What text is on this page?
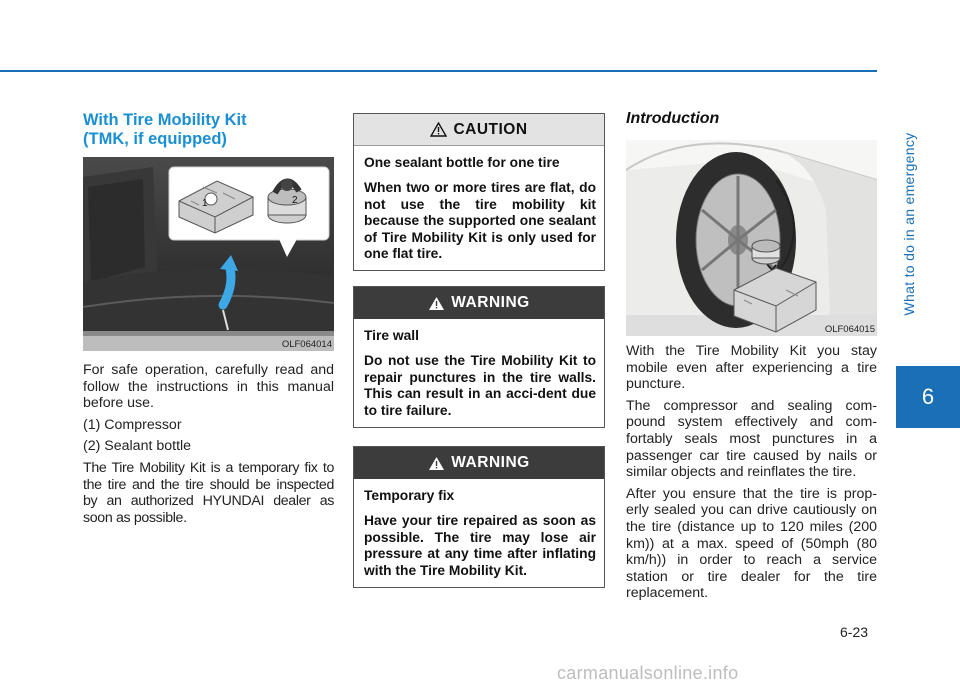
What to do in an emergency
6
With Tire Mobility Kit
(TMK, if equipped)
1	2
OLF064014

For safe operation, carefully read and follow the instructions in this manual before use.

(1) Compressor

(2) Sealant bottle

The Tire Mobility Kit is a temporary fix to the tire and the tire should be inspected by an authorized HYUNDAI dealer as soon as possible.

CAUTION

One sealant bottle for one tire

When two or more tires are flat, do not use the tire mobility kit because the supported one sealant of Tire Mobility Kit is only used for one flat tire.

WARNING

Tire wall

Do not use the Tire Mobility Kit to repair punctures in the tire walls. This can result in an acci-dent due to tire failure.

WARNING

Temporary fix

Have your tire repaired as soon as possible. The tire may lose air pressure at any time after inflating with the Tire Mobility Kit.

Introduction
OLF064015

With the Tire Mobility Kit you stay mobile even after experiencing a tire puncture.

The compressor and sealing com-pound system effectively and com-fortably seals most punctures in a passenger car tire caused by nails or similar objects and reinflates the tire.

After you ensure that the tire is prop-erly sealed you can drive cautiously on the tire (distance up to 120 miles (200 km)) at a max. speed of (50mph (80 km/h)) in order to reach a service station or tire dealer for the tire replacement.

6-23
carmanualsonline.info
